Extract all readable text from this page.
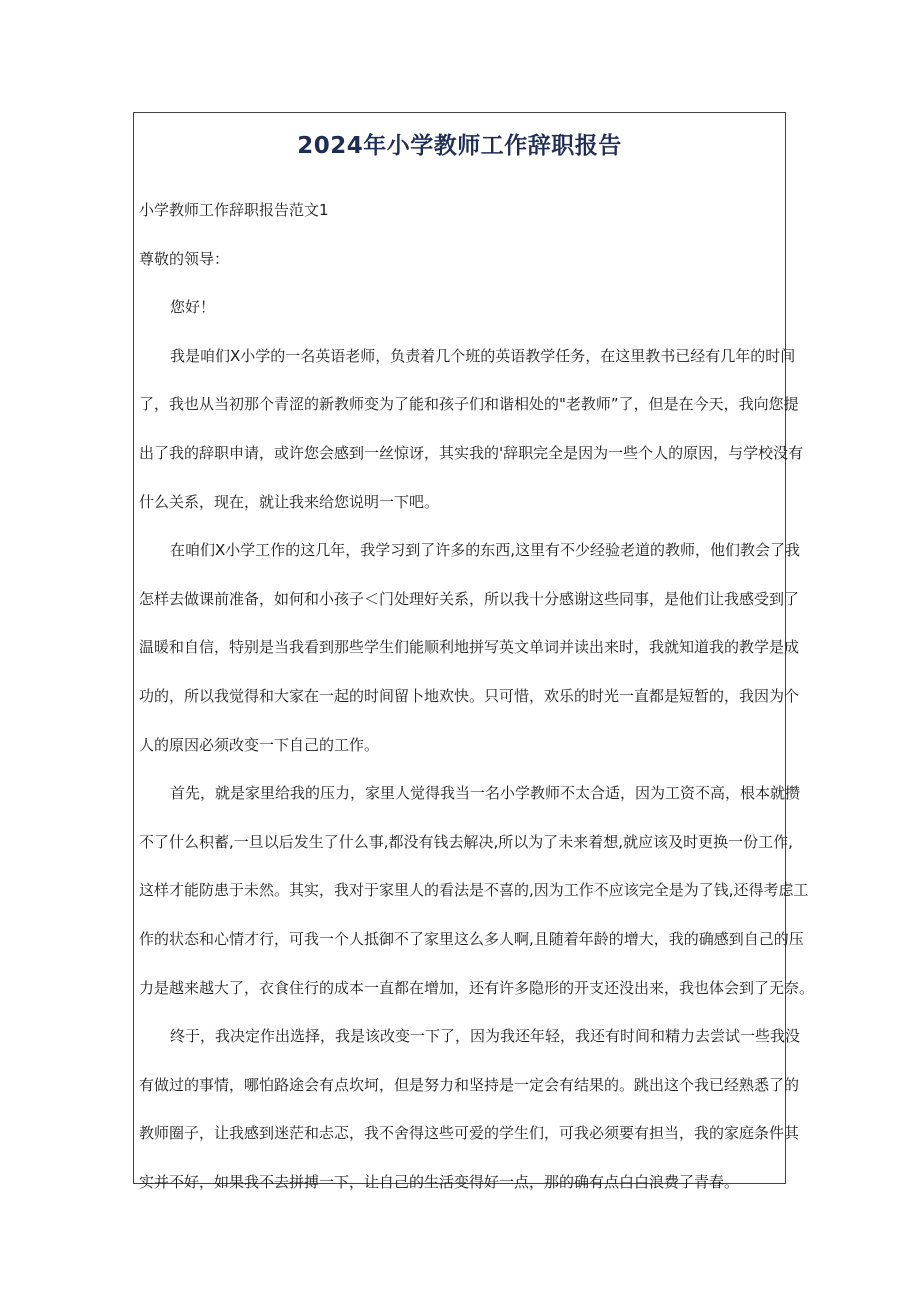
2024年小学教师工作辞职报告
小学教师工作辞职报告范文1
尊敬的领导：
您好！
我是咱们X小学的一名英语老师，负责着几个班的英语教学任务，在这里教书已经有几年的时间
了，我也从当初那个青涩的新教师变为了能和孩子们和谐相处的"老教师”了，但是在今天，我向您提
出了我的辞职申请，或许您会感到一丝惊讶，其实我的'辞职完全是因为一些个人的原因，与学校没有
什么关系，现在，就让我来给您说明一下吧。
在咱们X小学工作的这几年，我学习到了许多的东西,这里有不少经验老道的教师，他们教会了我
怎样去做课前准备，如何和小孩子＜门处理好关系，所以我十分感谢这些同事，是他们让我感受到了
温暖和自信，特别是当我看到那些学生们能顺利地拼写英文单词并读出来时，我就知道我的教学是成
功的，所以我觉得和大家在一起的时间留卜地欢快。只可惜，欢乐的时光一直都是短暂的，我因为个
人的原因必须改变一下自己的工作。
首先，就是家里给我的压力，家里人觉得我当一名小学教师不太合适，因为工资不高，根本就攒
不了什么积蓄,一旦以后发生了什么事,都没有钱去解决,所以为了未来着想,就应该及时更换一份工作,
这样才能防患于未然。其实，我对于家里人的看法是不喜的,因为工作不应该完全是为了钱,还得考虑工
作的状态和心情才行，可我一个人抵御不了家里这么多人啊,且随着年龄的增大，我的确感到自己的压
力是越来越大了，衣食住行的成本一直都在增加，还有许多隐形的开支还没出来，我也体会到了无奈。
终于，我决定作出选择，我是该改变一下了，因为我还年轻，我还有时间和精力去尝试一些我没
有做过的事情，哪怕路途会有点坎坷，但是努力和坚持是一定会有结果的。跳出这个我已经熟悉了的
教师圈子，让我感到迷茫和忐忑，我不舍得这些可爱的学生们，可我必须要有担当，我的家庭条件其
实并不好，如果我不去拼搏一下，让自己的生活变得好一点，那的确有点白白浪费了青春。
